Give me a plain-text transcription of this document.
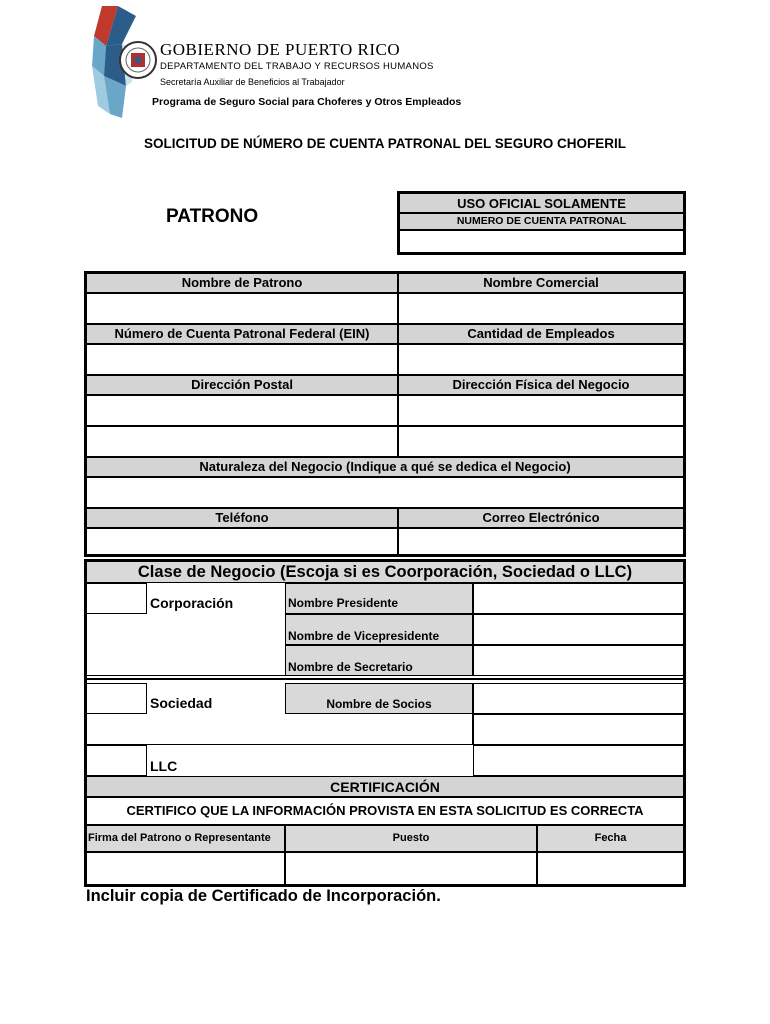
GOBIERNO DE PUERTO RICO
DEPARTAMENTO DEL TRABAJO Y RECURSOS HUMANOS
Secretaría Auxiliar de Beneficios al Trabajador
Programa de Seguro Social para Choferes y Otros Empleados
SOLICITUD DE NÚMERO DE CUENTA PATRONAL DEL SEGURO CHOFERIL
PATRONO
USO OFICIAL SOLAMENTE
NUMERO DE CUENTA PATRONAL
Nombre de Patrono	Nombre Comercial
Número de Cuenta Patronal Federal (EIN)	Cantidad de Empleados
Dirección Postal	Dirección Física del Negocio
Naturaleza del Negocio (Indique a qué se dedica el Negocio)
Teléfono	Correo Electrónico
Clase de Negocio (Escoja si es Coorporación, Sociedad o LLC)
Corporación	Nombre Presidente
Nombre de Vicepresidente
Nombre de Secretario
Sociedad	Nombre de Socios
LLC
CERTIFICACIÓN
CERTIFICO QUE LA INFORMACIÓN PROVISTA EN ESTA SOLICITUD ES CORRECTA
Firma del Patrono o Representante	Puesto	Fecha
Incluir copia de Certificado de Incorporación.
